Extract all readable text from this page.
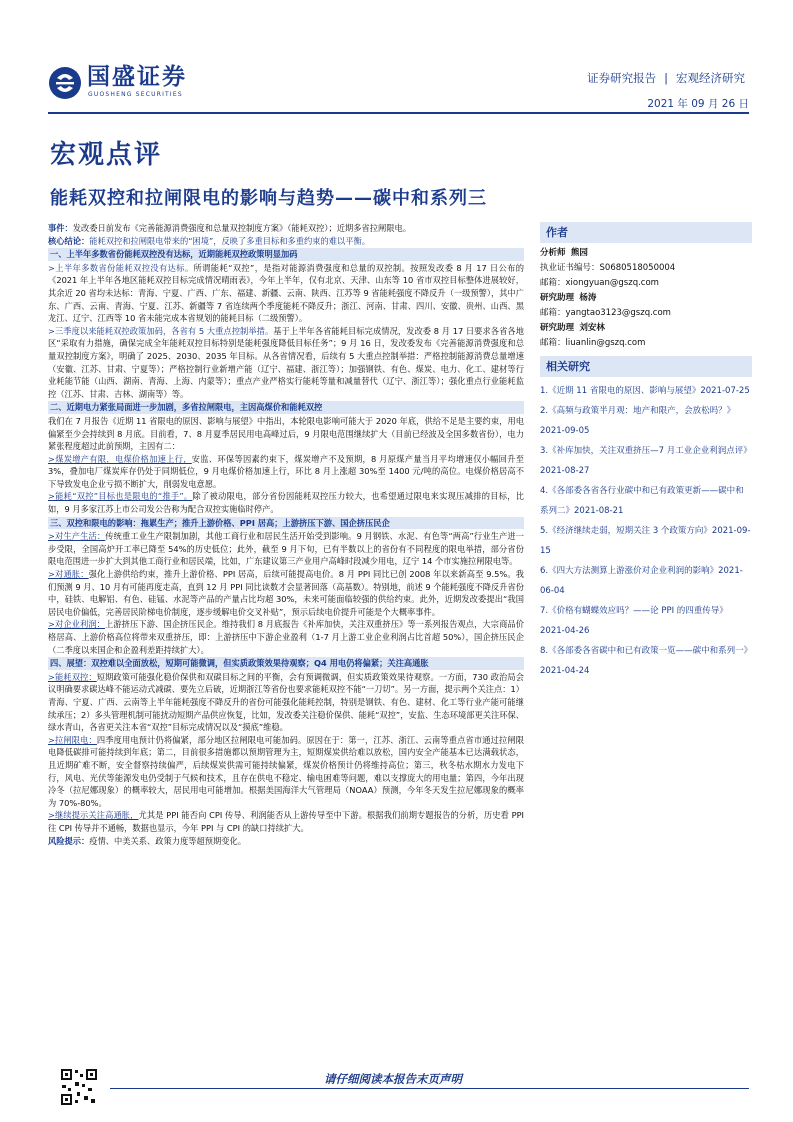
国盛证券
GUOSHENG SECURITIES
证券研究报告 | 宏观经济研究
2021 年 09 月 26 日
宏观点评
能耗双控和拉闸限电的影响与趋势——碳中和系列三

事件：发改委日前发布《完善能源消费强度和总量双控制度方案》（能耗双控）；近期多省拉闸限电。

核心结论：能耗双控和拉闸限电带来的“困境”，反映了多重目标和多重约束的难以平衡。

一、上半年多数省份能耗双控没有达标，近期能耗双控政策明显加码

>上半年多数省份能耗双控没有达标。所谓能耗“双控”，是指对能源消费强度和总量的双控制。按照发改委 8 月 17 日公布的《2021 年上半年各地区能耗双控目标完成情况晴雨表》，今年上半年，仅有北京、天津、山东等 10 省市双控目标整体进展较好，其余近 20 省均未达标：青海、宁夏、广西、广东、福建、新疆、云南、陕西、江苏等 9 省能耗强度不降反升（一级预警），其中广东、广西、云南、青海、宁夏、江苏、新疆等 7 省连续两个季度能耗不降反升；浙江、河南、甘肃、四川、安徽、贵州、山西、黑龙江、辽宁、江西等 10 省未能完成本省规划的能耗目标（二级预警）。

>三季度以来能耗双控政策加码，各省有 5 大重点控制举措。基于上半年各省能耗目标完成情况，发改委 8 月 17 日要求各省各地区“采取有力措施，确保完成全年能耗双控目标特别是能耗强度降低目标任务”；9 月 16 日，发改委发布《完善能源消费强度和总量双控制度方案》，明确了 2025、2030、2035 年目标。从各省情况看，后续有 5 大重点控制举措：严格控制能源消费总量增速（安徽、江苏、甘肃、宁夏等）；严格控制行业新增产能（辽宁、福建、浙江等）；加强钢铁、有色、煤炭、电力、化工、建材等行业耗能节能（山西、湖南、青海、上海、内蒙等）；重点产业严格实行能耗等量和减量替代（辽宁、浙江等）；强化重点行业能耗监控（江苏、甘肃、吉林、湖南等）等。

二、近期电力紧张局面进一步加剧，多省拉闸限电，主因高煤价和能耗双控

我们在 7 月报告《近期 11 省限电的原因、影响与展望》中指出，本轮限电影响可能大于 2020 年底，供给不足是主要约束，用电偏紧至少会持续到 8 月底。目前看，7、8 月夏季居民用电高峰过后，9 月限电范围继续扩大（目前已经波及全国多数省份），电力紧张程度超过此前预期，主因有二：

>煤炭增产有限，电煤价格加速上行，安监、环保等因素约束下，煤炭增产不及预期，8 月原煤产量当月平均增速仅小幅回升至 3%，叠加电厂煤炭库存仍处于同期低位，9 月电煤价格加速上行，环比 8 月上涨超 30%至 1400 元/吨的高位。电煤价格居高不下导致发电企业亏损不断扩大，削弱发电意愿。

>能耗“双控”目标也是限电的“推手”。除了被动限电，部分省份因能耗双控压力较大，也希望通过限电来实现压减排的目标，比如，9 月多家江苏上市公司发公告称为配合双控实施临时停产。

三、双控和限电的影响：拖累生产；推升上游价格、PPI 居高；上游挤压下游、国企挤压民企

>对生产生活：传统重工业生产限制加剧，其他工商行业和居民生活开始受到影响。9 月钢铁、水泥、有色等“两高”行业生产进一步受限，全国高炉开工率已降至 54%的历史低位；此外，截至 9 月下旬，已有半数以上的省份有不同程度的限电举措，部分省份限电范围进一步扩大到其他工商行业和居民端，比如，广东建议第三产业用户高峰时段减少用电，辽宁 14 个市实施拉闸限电等。

>对通胀：强化上游供给约束，推升上游价格、PPI 居高，后续可能提高电价。8 月 PPI 同比已创 2008 年以来新高至 9.5%。我们预测 9 月、10 月有可能再度走高，直到 12 月 PPI 同比读数才会显著回落（高基数）。特别地，前述 9 个能耗强度不降反升省份中，硅铁、电解铝、有色、硅锰、水泥等产品的产量占比均超 30%，未来可能面临较强的供给约束。此外，近期发改委提出“我国居民电价偏低，完善居民阶梯电价制度，逐步缓解电价交叉补贴”，预示后续电价提升可能是个大概率事件。

>对企业利润：上游挤压下游、国企挤压民企。维持我们 8 月底报告《补库加快，关注双重挤压》等一系列报告观点，大宗商品价格居高、上游价格高位将带来双重挤压，即：上游挤压中下游企业盈利（1-7 月上游工业企业利润占比首超 50%），国企挤压民企（二季度以来国企和企盈利差距持续扩大）。

四、展望：双控难以全面放松，短期可能微调，但实质政策效果待观察；Q4 用电仍将偏紧；关注高通胀

>能耗双控：短期政策可能强化稳价保供和双碳目标之间的平衡，会有预调微调，但实质政策效果待观察。一方面，730 政治局会议明确要求碳达峰不能运动式减碳、要先立后破，近期浙江等省份也要求能耗双控不能“一刀切”。另一方面，提示两个关注点：1）青海、宁夏、广西、云南等上半年能耗强度不降反升的省份可能强化能耗控制，特别是钢铁、有色、建材、化工等行业产能可能继续承压；2）多头管理机制可能扰动短期产品供应恢复，比如，发改委关注稳价保供、能耗“双控”，安监、生态环境部更关注环保、绿水青山，各省更关注本省“双控”目标完成情况以及“摸底”维稳。

>拉闸限电：四季度用电预计仍将偏紧，部分地区拉闸限电可能加码。原因在于：第一，江苏、浙江、云南等重点省市通过拉闸限电降低碳排可能持续到年底；第二，目前很多措施都以预期管理为主，短期煤炭供给难以放松，国内安全产能基本已达满载状态，且近期矿难不断，安全督察持续偏严，后续煤炭供需可能持续偏紧，煤炭价格预计仍将维持高位；第三，秋冬枯水期水力发电下行，风电、光伏等能源发电仍受制于气候和技术，且存在供电不稳定、输电困难等问题，难以支撑庞大的用电量；第四，今年出现冷冬（拉尼娜现象）的概率较大，居民用电可能增加。根据美国海洋大气管理局（NOAA）预测，今年冬天发生拉尼娜现象的概率为 70%-80%。

>继续提示关注高通胀，尤其是 PPI 能否向 CPI 传导、利润能否从上游传导至中下游。根据我们前期专题报告的分析，历史看 PPI 往 CPI 传导并不通畅，数据也显示，今年 PPI 与 CPI 的缺口持续扩大。

风险提示：疫情、中美关系、政策力度等超预期变化。

作者
分析师 熊园
执业证书编号：S0680518050004
邮箱：xiongyuan@gszq.com
研究助理 杨涛
邮箱：yangtao3123@gszq.com
研究助理 刘安林
邮箱：liuanlin@gszq.com
相关研究
1.《近期 11 省限电的原因、影响与展望》2021-07-25
2.《高频与政策半月观：地产和限产，会放松吗？》2021-09-05
3.《补库加快，关注双重挤压—7 月工业企业利润点评》2021-08-27
4.《各部委各省各行业碳中和已有政策更新——碳中和系列二》2021-08-21
5.《经济继续走弱，短期关注 3 个政策方向》2021-09-15
6.《四大方法测算上游涨价对企业利润的影响》2021-06-04
7.《价格有蝴蝶效应吗？——论 PPI 的四重传导》2021-04-26
8.《各部委各省碳中和已有政策一览——碳中和系列一》2021-04-24
请仔细阅读本报告末页声明
